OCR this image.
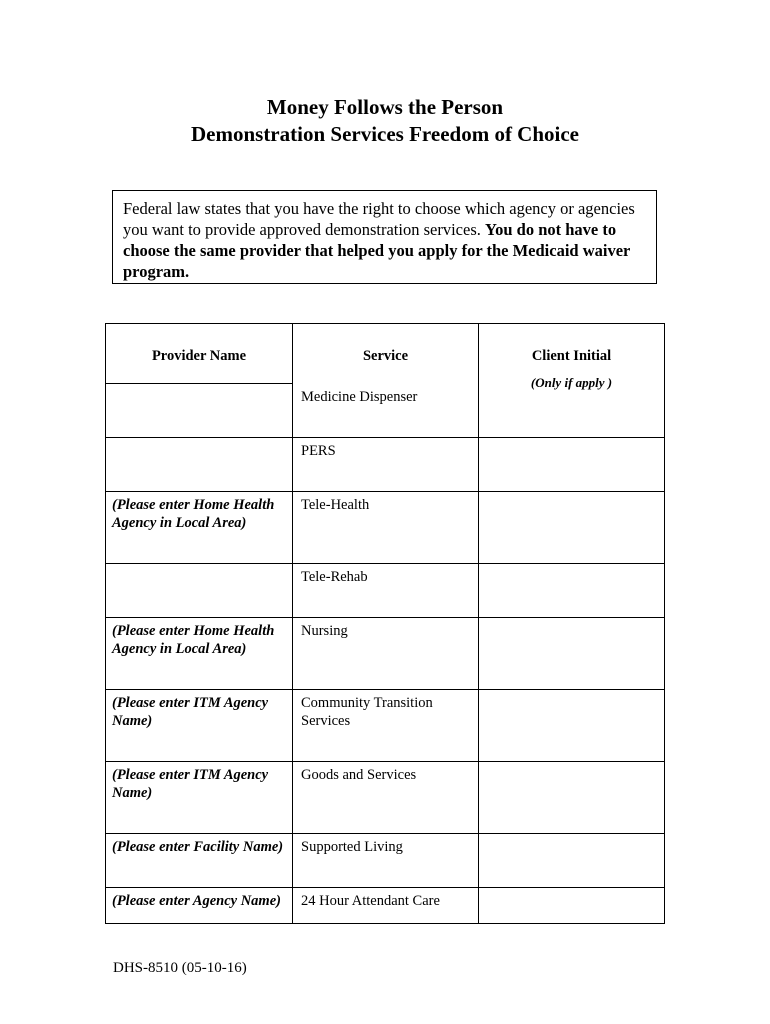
Money Follows the Person
Demonstration Services Freedom of Choice
Federal law states that you have the right to choose which agency or agencies you want to provide approved demonstration services. You do not have to choose the same provider that helped you apply for the Medicaid waiver program.
Provider Name	Service	Client Initial

	Medicine Dispenser	(Only if apply )

	PERS	
(Please enter Home Health Agency in Local Area)	Tele-Health	
	Tele-Rehab	
(Please enter Home Health Agency in Local Area)	Nursing	
(Please enter ITM Agency Name)	Community Transition Services	
(Please enter ITM Agency Name)	Goods and Services	
(Please enter Facility Name)	Supported Living	
(Please enter Agency Name)	24 Hour Attendant Care	
DHS-8510 (05-10-16)
